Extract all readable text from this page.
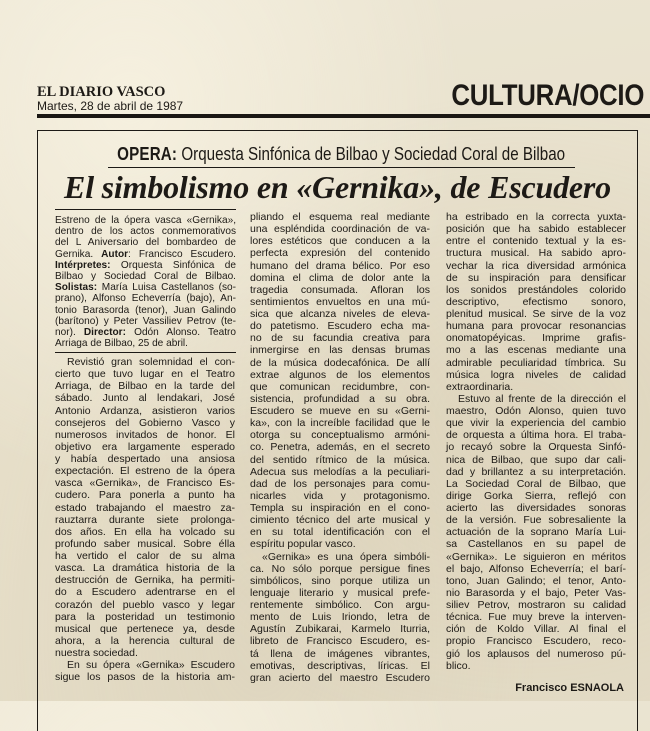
EL DIARIO VASCO
Martes, 28 de abril de 1987	CULTURA/OCIO
OPERA: Orquesta Sinfónica de Bilbao y Sociedad Coral de Bilbao
El simbolismo en «Gernika», de Escudero
Estreno de la ópera vasca «Gernika»,
dentro de los actos conmemorativos
del L Aniversario del bombardeo de
Gernika. Autor: Francisco Escudero.
Intérpretes: Orquesta Sinfónica de
Bilbao y Sociedad Coral de Bilbao.
Solistas: María Luisa Castellanos (so-
prano), Alfonso Echeverría (bajo), An-
tonio Barasorda (tenor), Juan Galindo
(barítono) y Peter Vassiliev Petrov (te-
nor). Director: Odón Alonso. Teatro
Arriaga de Bilbao, 25 de abril.
Revistió gran solemnidad el con-
cierto que tuvo lugar en el Teatro
Arriaga, de Bilbao en la tarde del
sábado. Junto al lendakari, José
Antonio Ardanza, asistieron varios
consejeros del Gobierno Vasco y
numerosos invitados de honor. El
objetivo era largamente esperado
y había despertado una ansiosa
expectación. El estreno de la ópera
vasca «Gernika», de Francisco Es-
cudero. Para ponerla a punto ha
estado trabajando el maestro za-
rauztarra durante siete prolonga-
dos años. En ella ha volcado su
profundo saber musical. Sobre élla
ha vertido el calor de su alma
vasca. La dramática historia de la
destrucción de Gernika, ha permiti-
do a Escudero adentrarse en el
corazón del pueblo vasco y legar
para la posteridad un testimonio
musical que pertenece ya, desde
ahora, a la herencia cultural de
nuestra sociedad.
En su ópera «Gernika» Escudero
sigue los pasos de la historia am-
pliando el esquema real mediante
una espléndida coordinación de va-
lores estéticos que conducen a la
perfecta expresión del contenido
humano del drama bélico. Por eso
domina el clima de dolor ante la
tragedia consumada. Afloran los
sentimientos envueltos en una mú-
sica que alcanza niveles de eleva-
do patetismo. Escudero echa ma-
no de su facundia creativa para
inmergirse en las densas brumas
de la música dodecafónica. De allí
extrae algunos de los elementos
que comunican recidumbre, con-
sistencia, profundidad a su obra.
Escudero se mueve en su «Gerni-
ka», con la increíble facilidad que le
otorga su conceptualismo armóni-
co. Penetra, además, en el secreto
del sentido rítmico de la música.
Adecua sus melodías a la peculiari-
dad de los personajes para comu-
nicarles vida y protagonismo.
Templa su inspiración en el cono-
cimiento técnico del arte musical y
en su total identificación con el
espíritu popular vasco.
«Gernika» es una ópera simbóli-
ca. No sólo porque persigue fines
simbólicos, sino porque utiliza un
lenguaje literario y musical prefe-
rentemente simbólico. Con argu-
mento de Luis Iriondo, letra de
Agustín Zubikarai, Karmelo Iturria,
libreto de Francisco Escudero, es-
tá llena de imágenes vibrantes,
emotivas, descriptivas, líricas. El
gran acierto del maestro Escudero
ha estribado en la correcta yuxta-
posición que ha sabido establecer
entre el contenido textual y la es-
tructura musical. Ha sabido apro-
vechar la rica diversidad armónica
de su inspiración para densificar
los sonidos prestándoles colorido
descriptivo, efectismo sonoro,
plenitud musical. Se sirve de la voz
humana para provocar resonancias
onomatopéyicas. Imprime grafis-
mo a las escenas mediante una
admirable peculiaridad tímbrica. Su
música logra niveles de calidad
extraordinaria.
Estuvo al frente de la dirección el
maestro, Odón Alonso, quien tuvo
que vivir la experiencia del cambio
de orquesta a última hora. El traba-
jo recayó sobre la Orquesta Sinfó-
nica de Bilbao, que supo dar cali-
dad y brillantez a su interpretación.
La Sociedad Coral de Bilbao, que
dirige Gorka Sierra, reflejó con
acierto las diversidades sonoras
de la versión. Fue sobresaliente la
actuación de la soprano María Lui-
sa Castellanos en su papel de
«Gernika». Le siguieron en méritos
el bajo, Alfonso Echeverría; el barí-
tono, Juan Galindo; el tenor, Anto-
nio Barasorda y el bajo, Peter Vas-
siliev Petrov, mostraron su calidad
técnica. Fue muy breve la interven-
ción de Koldo Villar. Al final el
propio Francisco Escudero, reco-
gió los aplausos del numeroso pú-
blico.
Francisco ESNAOLA
